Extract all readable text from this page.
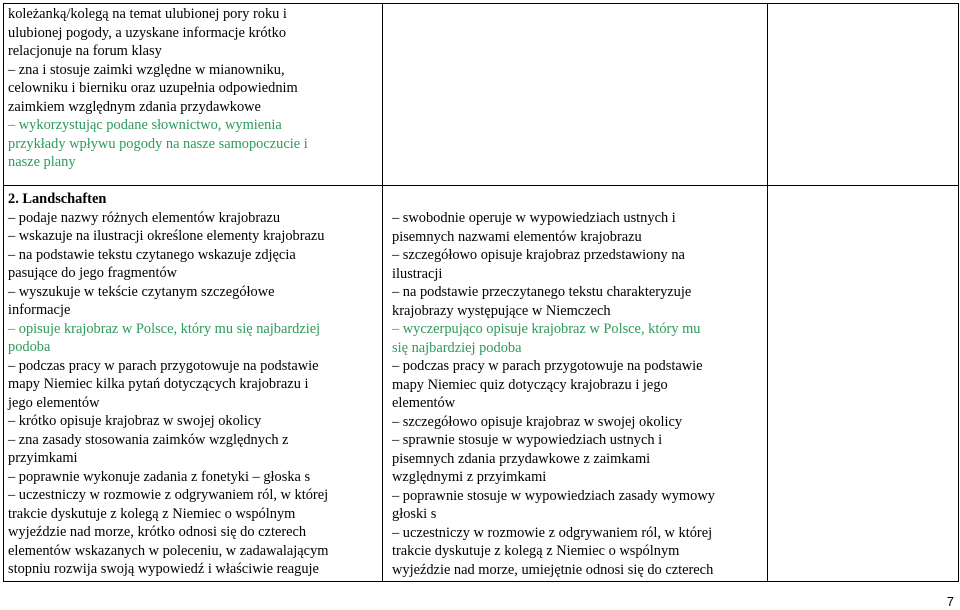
koleżanką/kolegą na temat ulubionej pory roku i
ulubionej pogody, a uzyskane informacje krótko
relacjonuje na forum klasy
– zna i stosuje zaimki względne w mianowniku,
celowniku i bierniku oraz uzupełnia odpowiednim
zaimkiem względnym zdania przydawkowe
– wykorzystując podane słownictwo, wymienia
przykłady wpływu pogody na nasze samopoczucie i
nasze plany
2. Landschaften
– podaje nazwy różnych elementów krajobrazu
– wskazuje na ilustracji określone elementy krajobrazu
– na podstawie tekstu czytanego wskazuje zdjęcia
pasujące do jego fragmentów
– wyszukuje w tekście czytanym szczegółowe
informacje
– opisuje krajobraz w Polsce, który mu się najbardziej
podoba
– podczas pracy w parach przygotowuje na podstawie
mapy Niemiec kilka pytań dotyczących krajobrazu i
jego elementów
– krótko opisuje krajobraz w swojej okolicy
– zna zasady stosowania zaimków względnych z
przyimkami
– poprawnie wykonuje zadania z fonetyki – głoska s
– uczestniczy w rozmowie z odgrywaniem ról, w której
trakcie dyskutuje z kolegą z Niemiec o wspólnym
wyjeździe nad morze, krótko odnosi się do czterech
elementów wskazanych w poleceniu, w zadawalającym
stopniu rozwija swoją wypowiedź i właściwie reaguje
– swobodnie operuje w wypowiedziach ustnych i
pisemnych nazwami elementów krajobrazu
– szczegółowo opisuje krajobraz przedstawiony na
ilustracji
– na podstawie przeczytanego tekstu charakteryzuje
krajobrazy występujące w Niemczech
– wyczerpująco opisuje krajobraz w Polsce, który mu
się najbardziej podoba
– podczas pracy w parach przygotowuje na podstawie
mapy Niemiec quiz dotyczący krajobrazu i jego
elementów
– szczegółowo opisuje krajobraz w swojej okolicy
– sprawnie stosuje w wypowiedziach ustnych i
pisemnych zdania przydawkowe z zaimkami
względnymi z przyimkami
– poprawnie stosuje w wypowiedziach zasady wymowy
głoski s
– uczestniczy w rozmowie z odgrywaniem ról, w której
trakcie dyskutuje z kolegą z Niemiec o wspólnym
wyjeździe nad morze, umiejętnie odnosi się do czterech
7
